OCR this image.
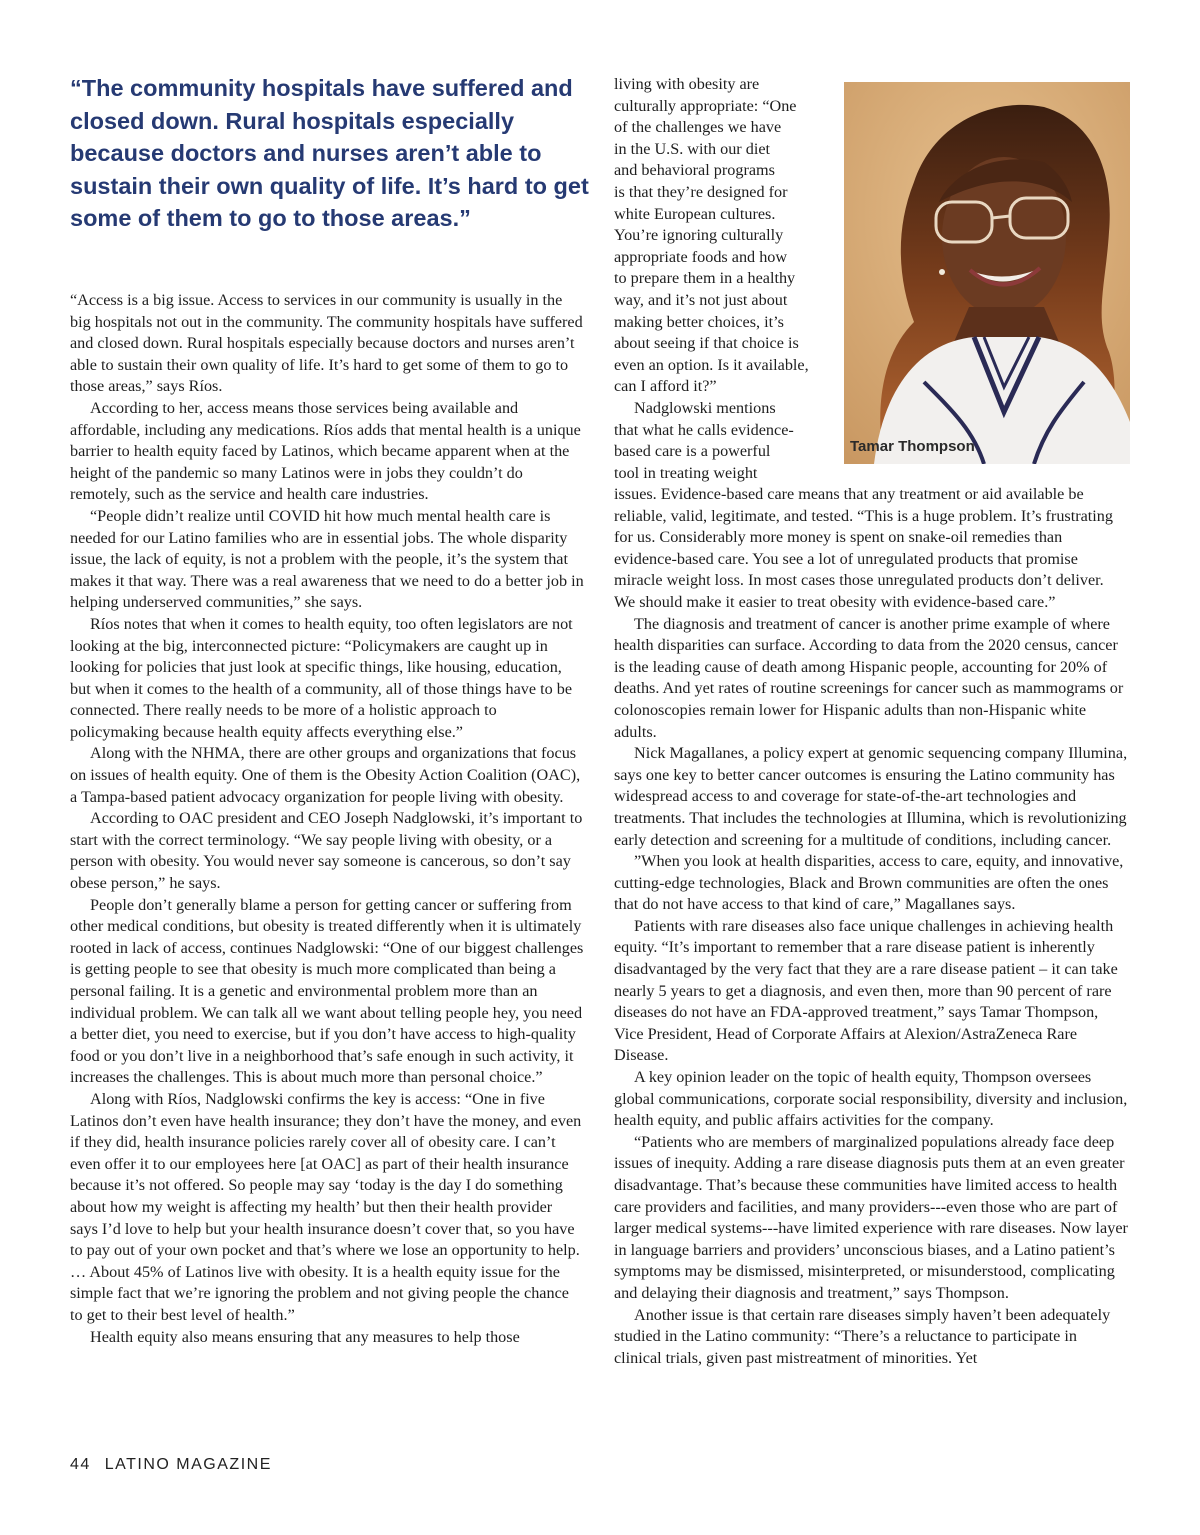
“The community hospitals have suffered and closed down. Rural hospitals especially because doctors and nurses aren’t able to sustain their own quality of life. It’s hard to get some of them to go to those areas.”

“Access is a big issue. Access to services in our community is usually in the big hospitals not out in the community. The community hospitals have suffered and closed down. Rural hospitals especially because doctors and nurses aren’t able to sustain their own quality of life. It’s hard to get some of them to go to those areas,” says Ríos.

According to her, access means those services being available and affordable, including any medications. Ríos adds that mental health is a unique barrier to health equity faced by Latinos, which became apparent when at the height of the pandemic so many Latinos were in jobs they couldn’t do remotely, such as the service and health care industries.

“People didn’t realize until COVID hit how much mental health care is needed for our Latino families who are in essential jobs. The whole disparity issue, the lack of equity, is not a problem with the people, it’s the system that makes it that way. There was a real awareness that we need to do a better job in helping underserved communities,” she says.

Ríos notes that when it comes to health equity, too often legislators are not looking at the big, interconnected picture: “Policymakers are caught up in looking for policies that just look at specific things, like housing, education, but when it comes to the health of a community, all of those things have to be connected. There really needs to be more of a holistic approach to policymaking because health equity affects everything else.”

Along with the NHMA, there are other groups and organizations that focus on issues of health equity. One of them is the Obesity Action Coalition (OAC), a Tampa-based patient advocacy organization for people living with obesity.

According to OAC president and CEO Joseph Nadglowski, it’s important to start with the correct terminology. “We say people living with obesity, or a person with obesity. You would never say someone is cancerous, so don’t say obese person,” he says.

People don’t generally blame a person for getting cancer or suffering from other medical conditions, but obesity is treated differently when it is ultimately rooted in lack of access, continues Nadglowski: “One of our biggest challenges is getting people to see that obesity is much more complicated than being a personal failing. It is a genetic and environmental problem more than an individual problem. We can talk all we want about telling people hey, you need a better diet, you need to exercise, but if you don’t have access to high-quality food or you don’t live in a neighborhood that’s safe enough in such activity, it increases the challenges. This is about much more than personal choice.”

Along with Ríos, Nadglowski confirms the key is access: “One in five Latinos don’t even have health insurance; they don’t have the money, and even if they did, health insurance policies rarely cover all of obesity care. I can’t even offer it to our employees here [at OAC] as part of their health insurance because it’s not offered. So people may say ‘today is the day I do something about how my weight is affecting my health’ but then their health provider says I’d love to help but your health insurance doesn’t cover that, so you have to pay out of your own pocket and that’s where we lose an opportunity to help. … About 45% of Latinos live with obesity. It is a health equity issue for the simple fact that we’re ignoring the problem and not giving people the chance to get to their best level of health.”

Health equity also means ensuring that any measures to help those

living with obesity are
culturally appropriate: “One
of the challenges we have
in the U.S. with our diet
and behavioral programs
is that they’re designed for
white European cultures.
You’re ignoring culturally
appropriate foods and how
to prepare them in a healthy
way, and it’s not just about
making better choices, it’s
about seeing if that choice is
even an option. Is it available,
can I afford it?”
Nadglowski mentions
that what he calls evidence-
based care is a powerful
tool in treating weight
Tamar Thompson

issues. Evidence-based care means that any treatment or aid available be reliable, valid, legitimate, and tested. “This is a huge problem. It’s frustrating for us. Considerably more money is spent on snake-oil remedies than evidence-based care. You see a lot of unregulated products that promise miracle weight loss. In most cases those unregulated products don’t deliver. We should make it easier to treat obesity with evidence-based care.”

The diagnosis and treatment of cancer is another prime example of where health disparities can surface. According to data from the 2020 census, cancer is the leading cause of death among Hispanic people, accounting for 20% of deaths. And yet rates of routine screenings for cancer such as mammograms or colonoscopies remain lower for Hispanic adults than non-Hispanic white adults.

Nick Magallanes, a policy expert at genomic sequencing company Illumina, says one key to better cancer outcomes is ensuring the Latino community has widespread access to and coverage for state-of-the-art technologies and treatments. That includes the technologies at Illumina, which is revolutionizing early detection and screening for a multitude of conditions, including cancer.

”When you look at health disparities, access to care, equity, and innovative, cutting-edge technologies, Black and Brown communities are often the ones that do not have access to that kind of care,” Magallanes says.

Patients with rare diseases also face unique challenges in achieving health equity. “It’s important to remember that a rare disease patient is inherently disadvantaged by the very fact that they are a rare disease patient – it can take nearly 5 years to get a diagnosis, and even then, more than 90 percent of rare diseases do not have an FDA-approved treatment,” says Tamar Thompson, Vice President, Head of Corporate Affairs at Alexion/AstraZeneca Rare Disease.

A key opinion leader on the topic of health equity, Thompson oversees global communications, corporate social responsibility, diversity and inclusion, health equity, and public affairs activities for the company.

“Patients who are members of marginalized populations already face deep issues of inequity. Adding a rare disease diagnosis puts them at an even greater disadvantage. That’s because these communities have limited access to health care providers and facilities, and many providers---even those who are part of larger medical systems---have limited experience with rare diseases. Now layer in language barriers and providers’ unconscious biases, and a Latino patient’s symptoms may be dismissed, misinterpreted, or misunderstood, complicating and delaying their diagnosis and treatment,” says Thompson.

Another issue is that certain rare diseases simply haven’t been adequately studied in the Latino community: “There’s a reluctance to participate in clinical trials, given past mistreatment of minorities. Yet

44 LATINO MAGAZINE
